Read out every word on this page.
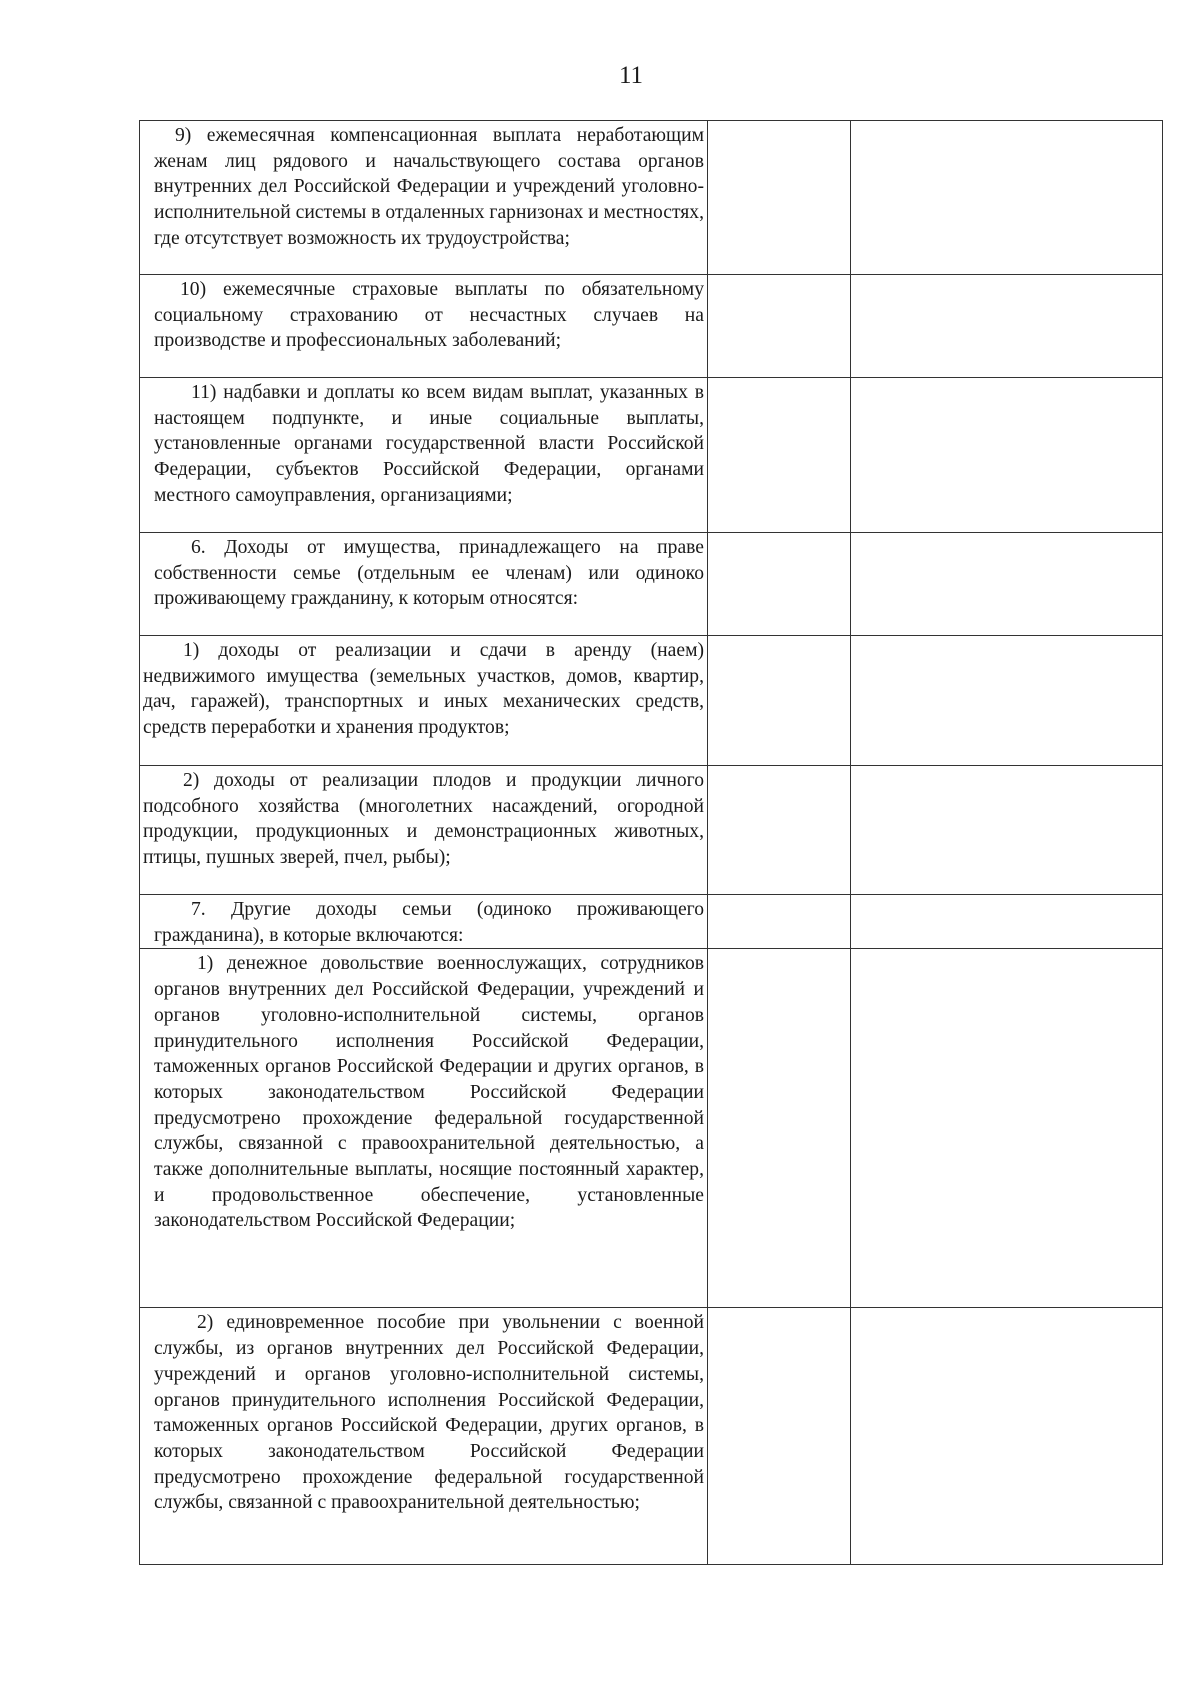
11

9) ежемесячная компенсационная выплата неработающим женам лиц рядового и начальствующего состава органов внутренних дел Российской Федерации и учреждений уголовно-исполнительной системы в отдаленных гарнизонах и местностях, где отсутствует возможность их трудоустройства;		

10) ежемесячные страховые выплаты по обязательному социальному страхованию от несчастных случаев на производстве и профессиональных заболеваний;		

11) надбавки и доплаты ко всем видам выплат, указанных в настоящем подпункте, и иные социальные выплаты, установленные органами государственной власти Российской Федерации, субъектов Российской Федерации, органами местного самоуправления, организациями;		

6. Доходы от имущества, принадлежащего на праве собственности семье (отдельным ее членам) или одиноко проживающему гражданину, к которым относятся:		

1) доходы от реализации и сдачи в аренду (наем) недвижимого имущества (земельных участков, домов, квартир, дач, гаражей), транспортных и иных механических средств, средств переработки и хранения продуктов;		

2) доходы от реализации плодов и продукции личного подсобного хозяйства (многолетних насаждений, огородной продукции, продукционных и демонстрационных животных, птицы, пушных зверей, пчел, рыбы);		

7. Другие доходы семьи (одиноко проживающего гражданина), в которые включаются:		

1) денежное довольствие военнослужащих, сотрудников органов внутренних дел Российской Федерации, учреждений и органов уголовно-исполнительной системы, органов принудительного исполнения Российской Федерации, таможенных органов Российской Федерации и других органов, в которых законодательством Российской Федерации предусмотрено прохождение федеральной государственной службы, связанной с правоохранительной деятельностью, а также дополнительные выплаты, носящие постоянный характер, и продовольственное обеспечение, установленные законодательством Российской Федерации;		

2) единовременное пособие при увольнении с военной службы, из органов внутренних дел Российской Федерации, учреждений и органов уголовно-исполнительной системы, органов принудительного исполнения Российской Федерации, таможенных органов Российской Федерации, других органов, в которых законодательством Российской Федерации предусмотрено прохождение федеральной государственной службы, связанной с правоохранительной деятельностью;		
